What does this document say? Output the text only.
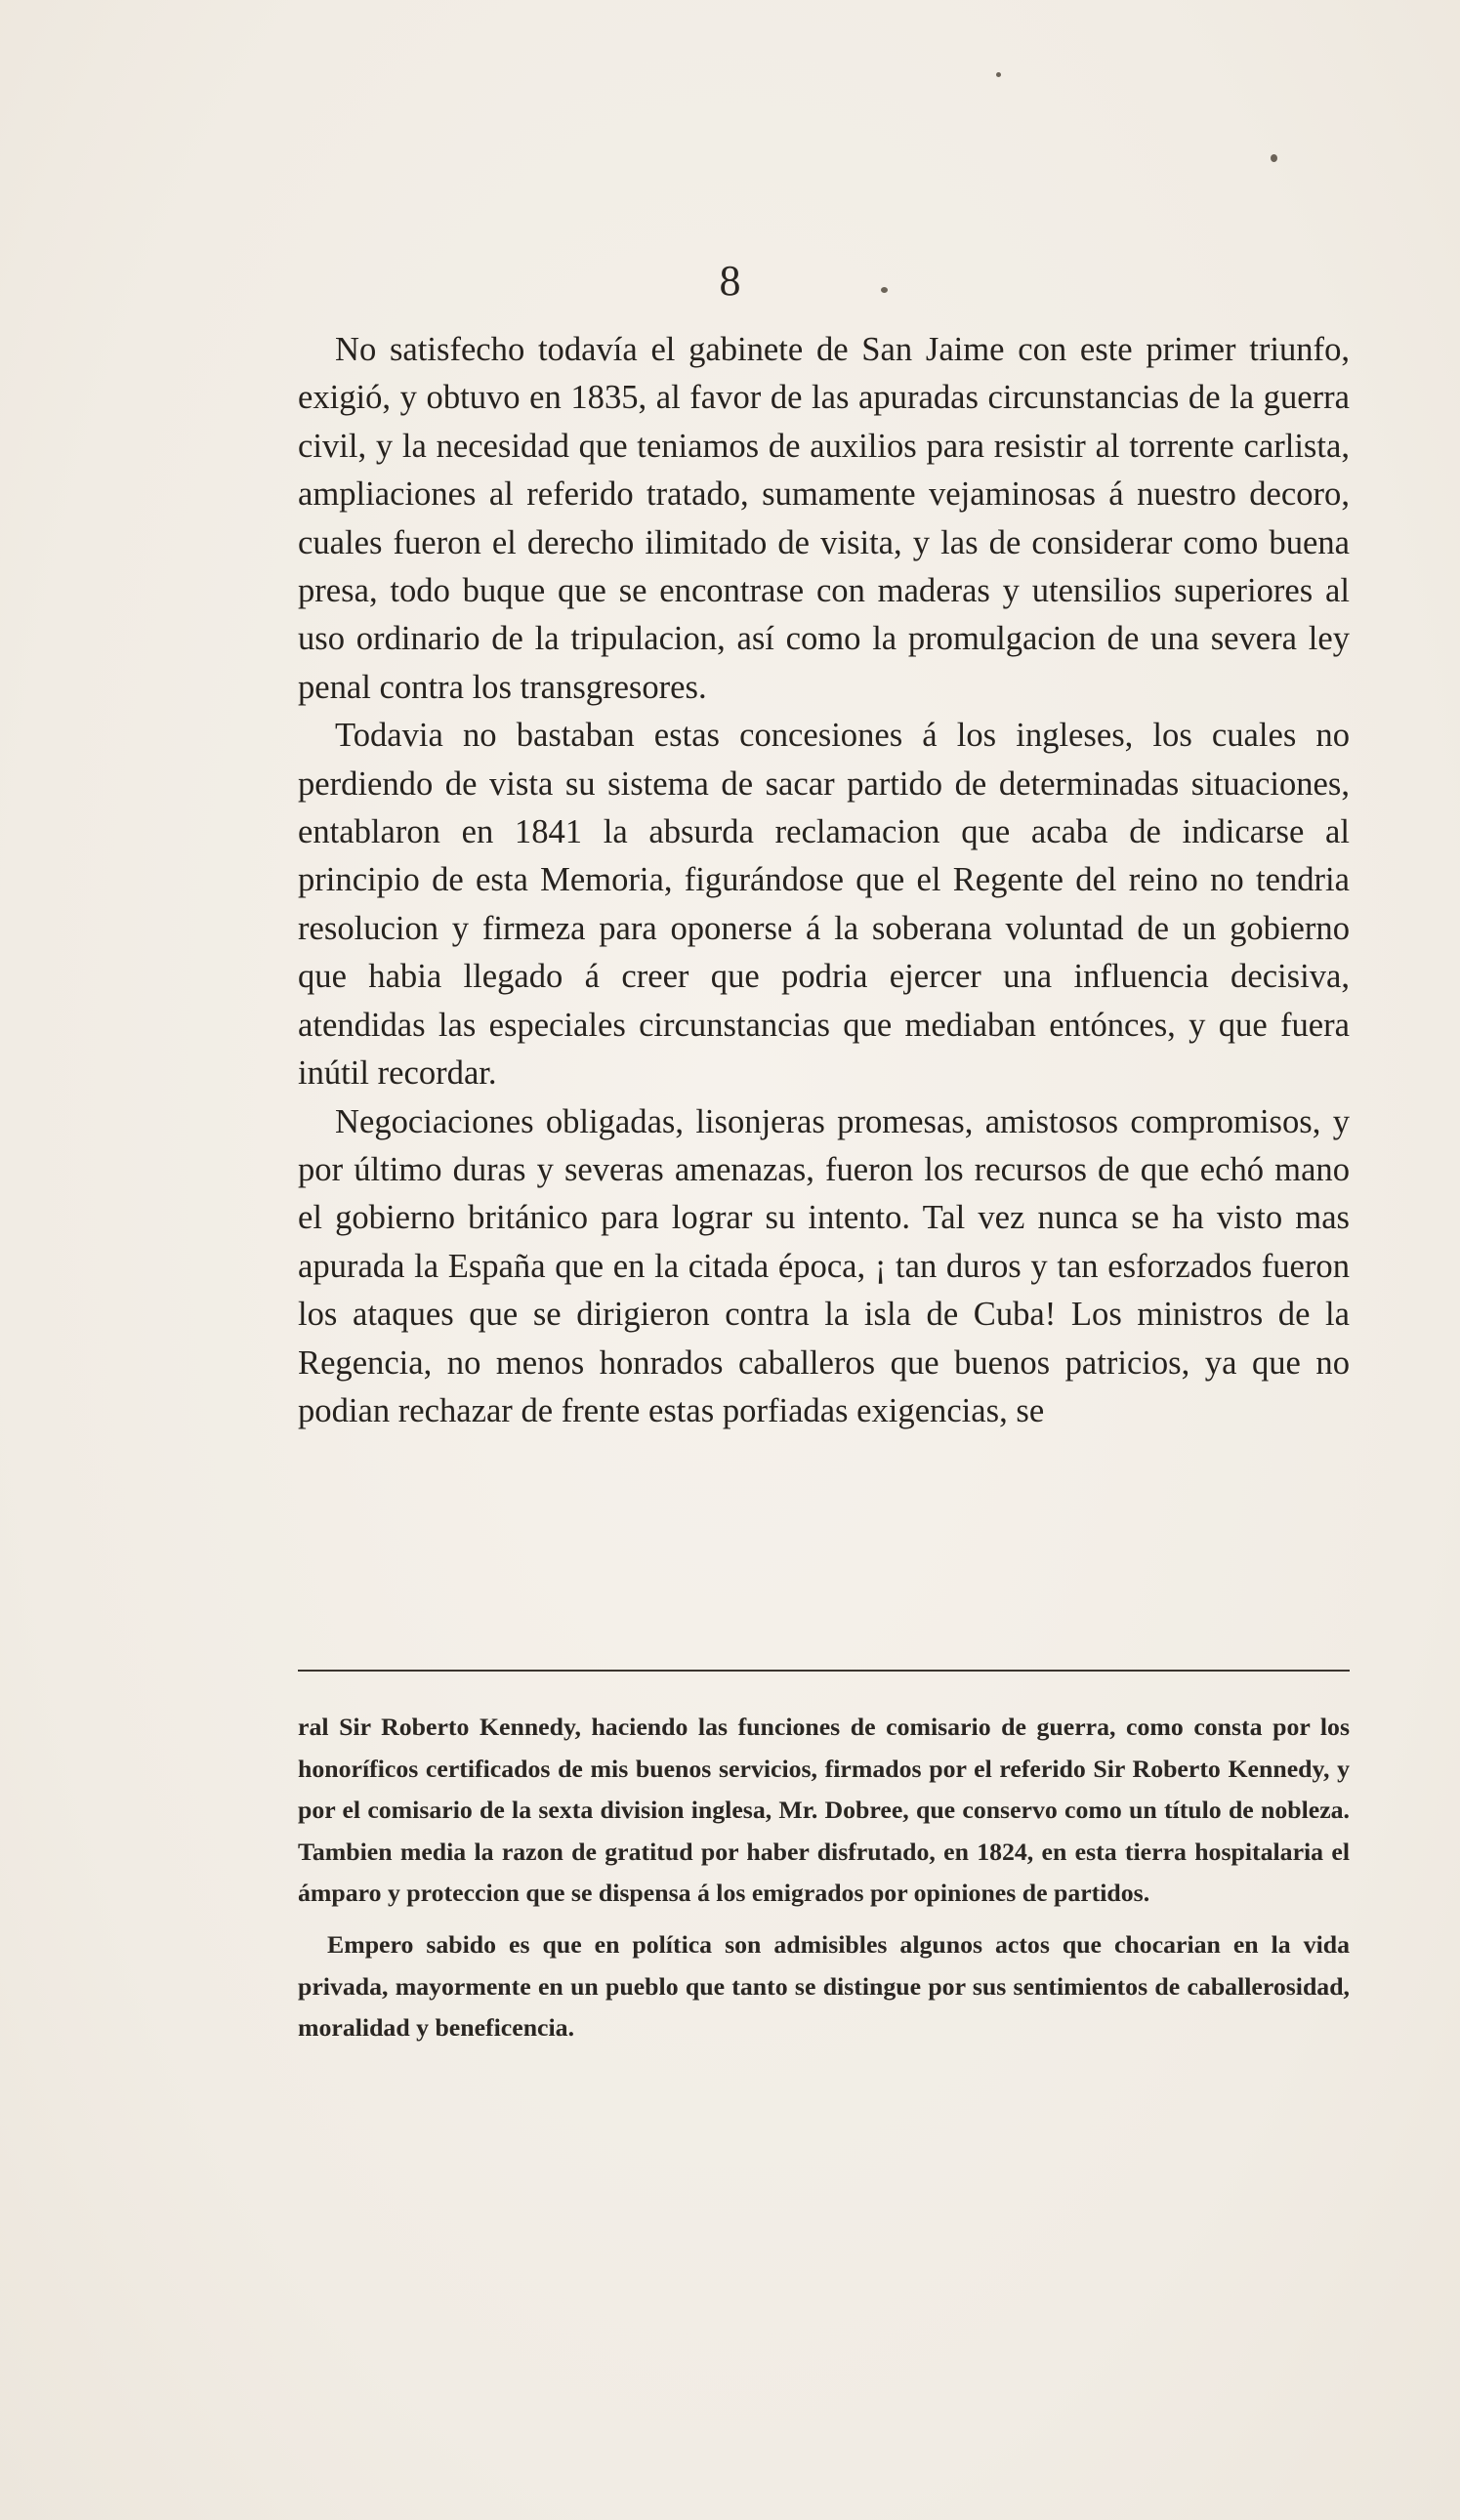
8

No satisfecho todavía el gabinete de San Jaime con este primer triunfo, exigió, y obtuvo en 1835, al favor de las apuradas circunstancias de la guerra civil, y la necesidad que teniamos de auxilios para resistir al torrente carlista, ampliaciones al referido tratado, sumamente vejaminosas á nuestro decoro, cuales fueron el derecho ilimitado de visita, y las de considerar como buena presa, todo buque que se encontrase con maderas y utensilios superiores al uso ordinario de la tripulacion, así como la promulgacion de una severa ley penal contra los transgresores.

Todavia no bastaban estas concesiones á los ingleses, los cuales no perdiendo de vista su sistema de sacar partido de determinadas situaciones, entablaron en 1841 la absurda reclamacion que acaba de indicarse al principio de esta Memoria, figurándose que el Regente del reino no tendria resolucion y firmeza para oponerse á la soberana voluntad de un gobierno que habia llegado á creer que podria ejercer una influencia decisiva, atendidas las especiales circunstancias que mediaban entónces, y que fuera inútil recordar.

Negociaciones obligadas, lisonjeras promesas, amistosos compromisos, y por último duras y severas amenazas, fueron los recursos de que echó mano el gobierno británico para lograr su intento. Tal vez nunca se ha visto mas apurada la España que en la citada época, ¡ tan duros y tan esforzados fueron los ataques que se dirigieron contra la isla de Cuba! Los ministros de la Regencia, no menos honrados caballeros que buenos patricios, ya que no podian rechazar de frente estas porfiadas exigencias, se

ral Sir Roberto Kennedy, haciendo las funciones de comisario de guerra, como consta por los honoríficos certificados de mis buenos servicios, firmados por el referido Sir Roberto Kennedy, y por el comisario de la sexta division inglesa, Mr. Dobree, que conservo como un título de nobleza. Tambien media la razon de gratitud por haber disfrutado, en 1824, en esta tierra hospitalaria el ámparo y proteccion que se dispensa á los emigrados por opiniones de partidos.

Empero sabido es que en política son admisibles algunos actos que chocarian en la vida privada, mayormente en un pueblo que tanto se distingue por sus sentimientos de caballerosidad, moralidad y beneficencia.
